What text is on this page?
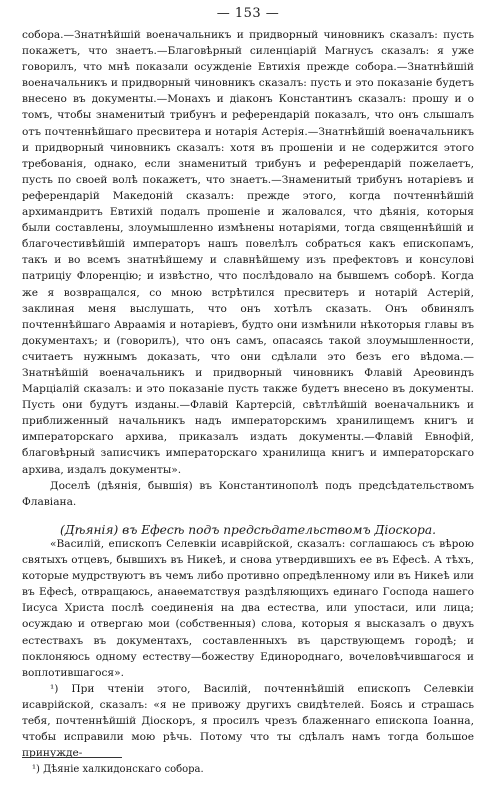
— 153 —

собора.—Знатнѣйшій военачальникъ и придворный чиновникъ сказалъ: пусть покажетъ, что знаетъ.—Благовѣрный силенціарій Магнусъ сказалъ: я уже говорилъ, что мнѣ показали осужденіе Евтихія прежде собора.—Знатнѣйшій военачальникъ и придворный чиновникъ сказалъ: пусть и это показаніе будетъ внесено въ документы.—Монахъ и діаконъ Константинъ сказалъ: прошу и о томъ, чтобы знаменитый трибунъ и референдарій показалъ, что онъ слышалъ отъ почтеннѣйшаго пресвитера и нотарія Астерія.—Знатнѣйшій военачальникъ и придворный чиновникъ сказалъ: хотя въ прошеніи и не содержится этого требованія, однако, если знаменитый трибунъ и референдарій пожелаетъ, пусть по своей волѣ покажетъ, что знаетъ.—Знаменитый трибунъ нотаріевъ и референдарій Македоній сказалъ: прежде этого, когда почтеннѣйшій архимандритъ Евтихій подалъ прошеніе и жаловался, что дѣянія, которыя были составлены, злоумышленно измѣнены нотаріями, тогда священнѣйшій и благочестивѣйшій императоръ нашъ повелѣлъ собраться какъ епископамъ, такъ и во всемъ знатнѣйшему и славнѣйшему изъ префектовъ и консулові патриціу Флоренцію; и извѣстно, что послѣдовало на бывшемъ соборѣ. Когда же я возвращался, со мною встрѣтился пресвитеръ и нотарій Астерій, заклиная меня выслушать, что онъ хотѣлъ сказать. Онъ обвинялъ почтеннѣйшаго Авраамія и нотаріевъ, будто они измѣнили нѣкоторыя главы въ документахъ; и (говорилъ), что онъ самъ, опасаясь такой злоумышленности, считаетъ нужнымъ доказать, что они сдѣлали это безъ его вѣдома.—Знатнѣйшій военачальникъ и придворный чиновникъ Флавій Ареовиндъ Марціалій сказалъ: и это показаніе пусть также будетъ внесено въ документы. Пусть они будутъ изданы.—Флавій Картерсій, свѣтлѣйшій военачальникъ и приближенный начальникъ надъ императорскимъ хранилищемъ книгъ и императорскаго архива, приказалъ издать документы.—Флавій Евнофій, благовѣрный записчикъ императорскаго хранилища книгъ и императорскаго архива, издалъ документы».

Доселѣ (дѣянія, бывшія) въ Константинополѣ подъ предсѣдательствомъ Флавіана.

(Дѣянія) въ Ефесѣ подъ предсѣдательствомъ Діоскора.

«Василій, епископъ Селевкіи исаврійской, сказалъ: соглашаюсь съ вѣрою святыхъ отцевъ, бывшихъ въ Никеѣ, и снова утвердившихъ ее въ Ефесѣ. А тѣхъ, которые мудрствуютъ въ чемъ либо противно опредѣленному или въ Никеѣ или въ Ефесѣ, отвращаюсь, анаѳематствуя раздѣляющихъ единаго Господа нашего Іисуса Христа послѣ соединенія на два естества, или упостаси, или лица; осуждаю и отвергаю мои (собственныя) слова, которыя я высказалъ о двухъ естествахъ въ документахъ, составленныхъ въ царствующемъ городѣ; и поклоняюсь одному естеству—божеству Единороднаго, вочеловѣчившагося и воплотившагося».

¹) При чтеніи этого, Василій, почтеннѣйшій епископъ Селевкіи исаврійской, сказалъ: «я не привожу другихъ свидѣтелей. Боясь и страшась тебя, почтеннѣйшій Діоскоръ, я просилъ чрезъ блаженнаго епископа Іоанна, чтобы исправили мою рѣчь. Потому что ты сдѣлалъ намъ тогда большое принужде-

¹) Дѣяніе халкидонскаго собора.
